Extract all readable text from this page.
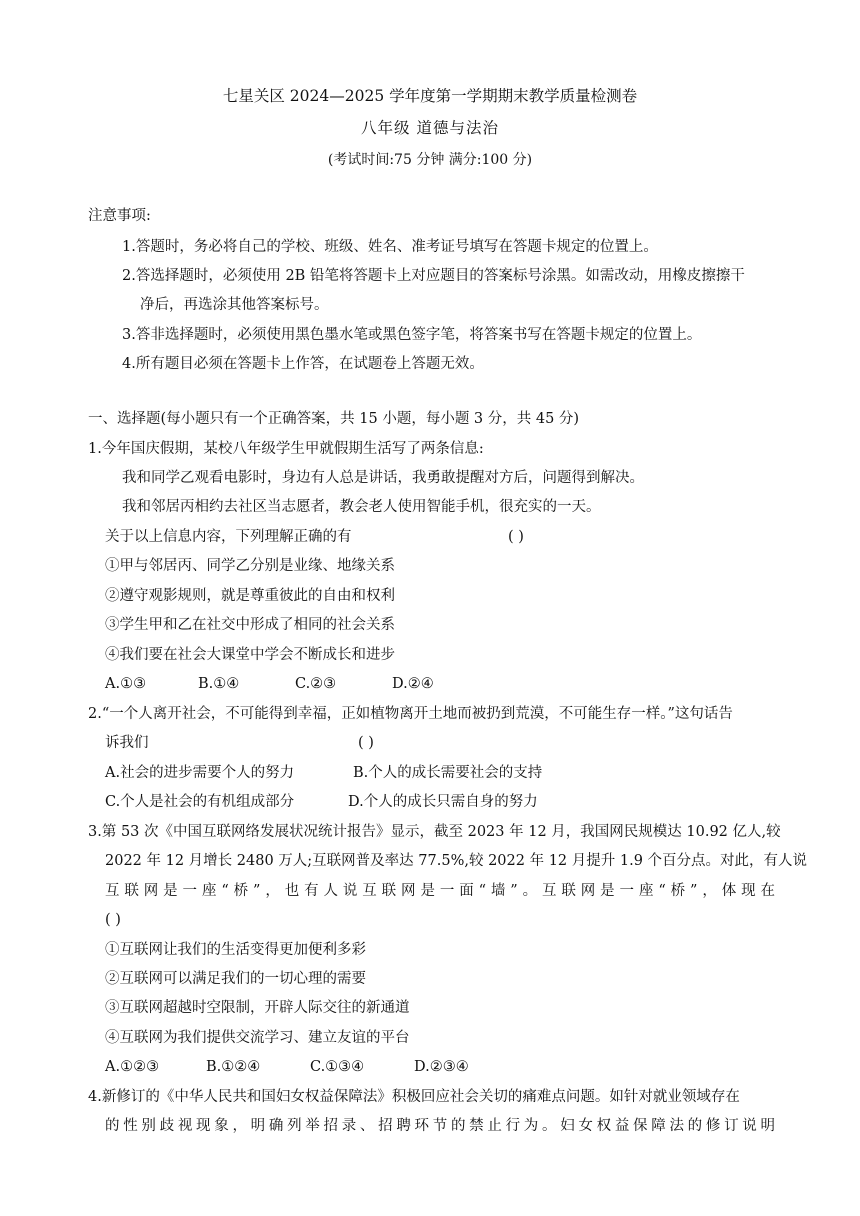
七星关区 2024—2025 学年度第一学期期末教学质量检测卷
八年级 道德与法治
(考试时间:75 分钟 满分:100 分)
注意事项:
1.答题时，务必将自己的学校、班级、姓名、准考证号填写在答题卡规定的位置上。
2.答选择题时，必须使用 2B 铅笔将答题卡上对应题目的答案标号涂黑。如需改动，用橡皮擦擦干
净后，再选涂其他答案标号。
3.答非选择题时，必须使用黑色墨水笔或黑色签字笔，将答案书写在答题卡规定的位置上。
4.所有题目必须在答题卡上作答，在试题卷上答题无效。
一、选择题(每小题只有一个正确答案，共 15 小题，每小题 3 分，共 45 分)
1.今年国庆假期，某校八年级学生甲就假期生活写了两条信息:
我和同学乙观看电影时，身边有人总是讲话，我勇敢提醒对方后，问题得到解决。
我和邻居丙相约去社区当志愿者，教会老人使用智能手机，很充实的一天。
关于以上信息内容，下列理解正确的有	( )
①甲与邻居丙、同学乙分别是业缘、地缘关系
②遵守观影规则，就是尊重彼此的自由和权利
③学生甲和乙在社交中形成了相同的社会关系
④我们要在社会大课堂中学会不断成长和进步
A.①③	B.①④	C.②③	D.②④
2.“一个人离开社会，不可能得到幸福，正如植物离开土地而被扔到荒漠，不可能生存一样。”这句话告
诉我们	( )
A.社会的进步需要个人的努力	B.个人的成长需要社会的支持
C.个人是社会的有机组成部分	D.个人的成长只需自身的努力
3.第 53 次《中国互联网络发展状况统计报告》显示，截至 2023 年 12 月，我国网民规模达 10.92 亿人,较
2022 年 12 月增长 2480 万人;互联网普及率达 77.5%,较 2022 年 12 月提升 1.9 个百分点。对此，有人说
互联网是一座“桥”，也有人说互联网是一面“墙”。互联网是一座“桥”，体现在
( )
①互联网让我们的生活变得更加便利多彩
②互联网可以满足我们的一切心理的需要
③互联网超越时空限制，开辟人际交往的新通道
④互联网为我们提供交流学习、建立友谊的平台
A.①②③	B.①②④	C.①③④	D.②③④
4.新修订的《中华人民共和国妇女权益保障法》积极回应社会关切的痛难点问题。如针对就业领域存在
的性别歧视现象，明确列举招录、招聘环节的禁止行为。妇女权益保障法的修订说明
